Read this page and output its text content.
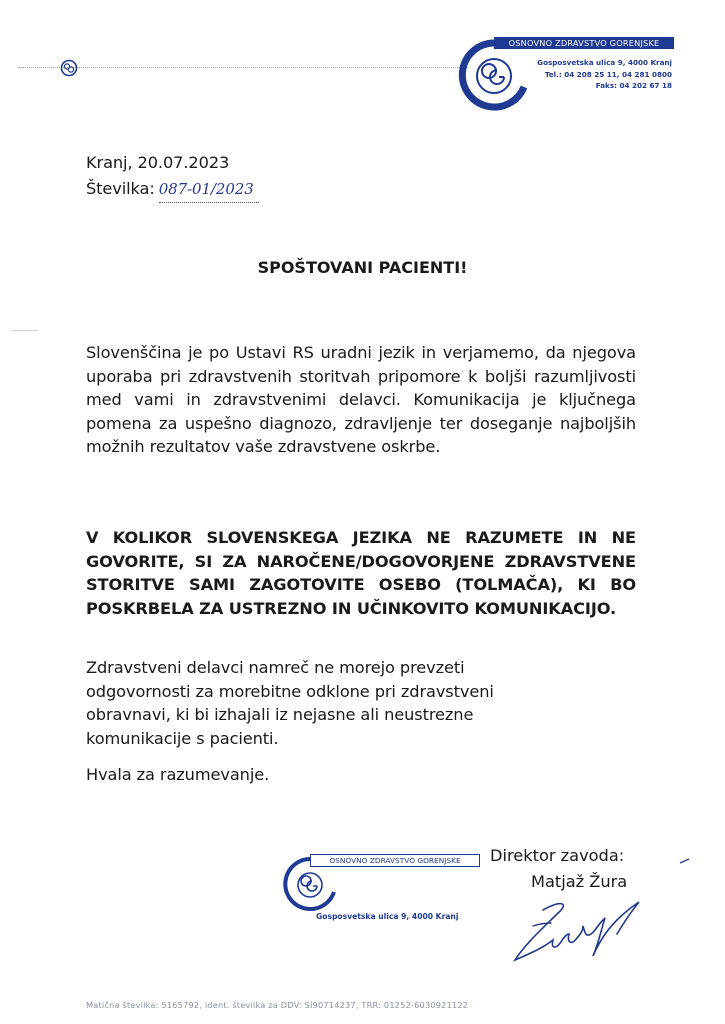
OSNOVNO ZDRAVSTVO GORENJSKE
Gosposvetska ulica 9, 4000 Kranj
Tel.: 04 208 25 11, 04 281 0800
Faks: 04 202 67 18
Kranj, 20.07.2023
Številka: 087-01/2023
SPOŠTOVANI PACIENTI!

Slovenščina je po Ustavi RS uradni jezik in verjamemo, da njegova uporaba pri zdravstvenih storitvah pripomore k boljši razumljivosti med vami in zdravstvenimi delavci. Komunikacija je ključnega pomena za uspešno diagnozo, zdravljenje ter doseganje najboljših možnih rezultatov vaše zdravstvene oskrbe.

V KOLIKOR SLOVENSKEGA JEZIKA NE RAZUMETE IN NE GOVORITE, SI ZA NAROČENE/DOGOVORJENE ZDRAVSTVENE STORITVE SAMI ZAGOTOVITE OSEBO (TOLMAČA), KI BO POSKRBELA ZA USTREZNO IN UČINKOVITO KOMUNIKACIJO.

Zdravstveni delavci namreč ne morejo prevzeti odgovornosti za morebitne odklone pri zdravstveni obravnavi, ki bi izhajali iz nejasne ali neustrezne komunikacije s pacienti.

Hvala za razumevanje.
OSNOVNO ZDRAVSTVO GORENJSKE
Gosposvetska ulica 9, 4000 Kranj
Direktor zavoda:
Matjaž Žura
Matična številka: 5165792, ident. številka za DDV: SI90714237, TRR: 01252-6030921122
